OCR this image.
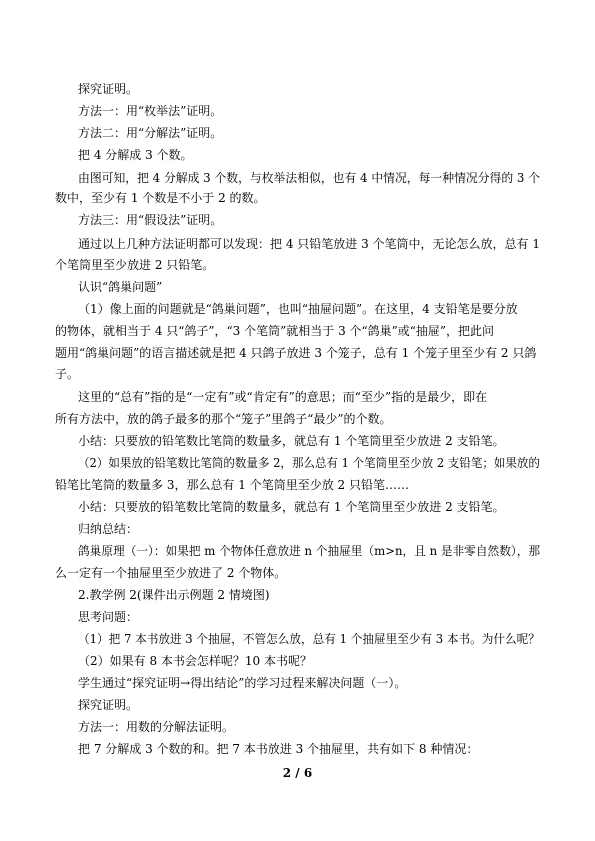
探究证明。
方法一：用“枚举法”证明。
方法二：用“分解法”证明。
把 4 分解成 3 个数。
由图可知，把 4 分解成 3 个数，与枚举法相似，也有 4 中情况，每一种情况分得的 3 个
数中，至少有 1 个数是不小于 2 的数。
方法三：用“假设法”证明。
通过以上几种方法证明都可以发现：把 4 只铅笔放进 3 个笔筒中，无论怎么放，总有 1
个笔筒里至少放进 2 只铅笔。
认识“鸽巢问题”
（1）像上面的问题就是“鸽巢问题”，也叫“抽屉问题”。在这里，4 支铅笔是要分放
的物体，就相当于 4 只“鸽子”，“3 个笔筒”就相当于 3 个“鸽巢”或“抽屉”，把此问
题用“鸽巢问题”的语言描述就是把 4 只鸽子放进 3 个笼子，总有 1 个笼子里至少有 2 只鸽
子。
这里的“总有”指的是“一定有”或“肯定有”的意思；而“至少”指的是最少，即在
所有方法中，放的鸽子最多的那个“笼子”里鸽子“最少”的个数。
小结：只要放的铅笔数比笔筒的数量多，就总有 1 个笔筒里至少放进 2 支铅笔。
（2）如果放的铅笔数比笔筒的数量多 2，那么总有 1 个笔筒里至少放 2 支铅笔；如果放的
铅笔比笔筒的数量多 3，那么总有 1 个笔筒里至少放 2 只铅笔……
小结：只要放的铅笔数比笔筒的数量多，就总有 1 个笔筒里至少放进 2 支铅笔。
归纳总结：
鸽巢原理（一）：如果把 m 个物体任意放进 n 个抽屉里（m>n，且 n 是非零自然数），那
么一定有一个抽屉里至少放进了 2 个物体。
2.教学例 2(课件出示例题 2 情境图)
思考问题：
（1）把 7 本书放进 3 个抽屉，不管怎么放，总有 1 个抽屉里至少有 3 本书。为什么呢？
（2）如果有 8 本书会怎样呢？10 本书呢？
学生通过“探究证明→得出结论”的学习过程来解决问题（一）。
探究证明。
方法一：用数的分解法证明。
把 7 分解成 3 个数的和。把 7 本书放进 3 个抽屉里，共有如下 8 种情况：
2 / 6
